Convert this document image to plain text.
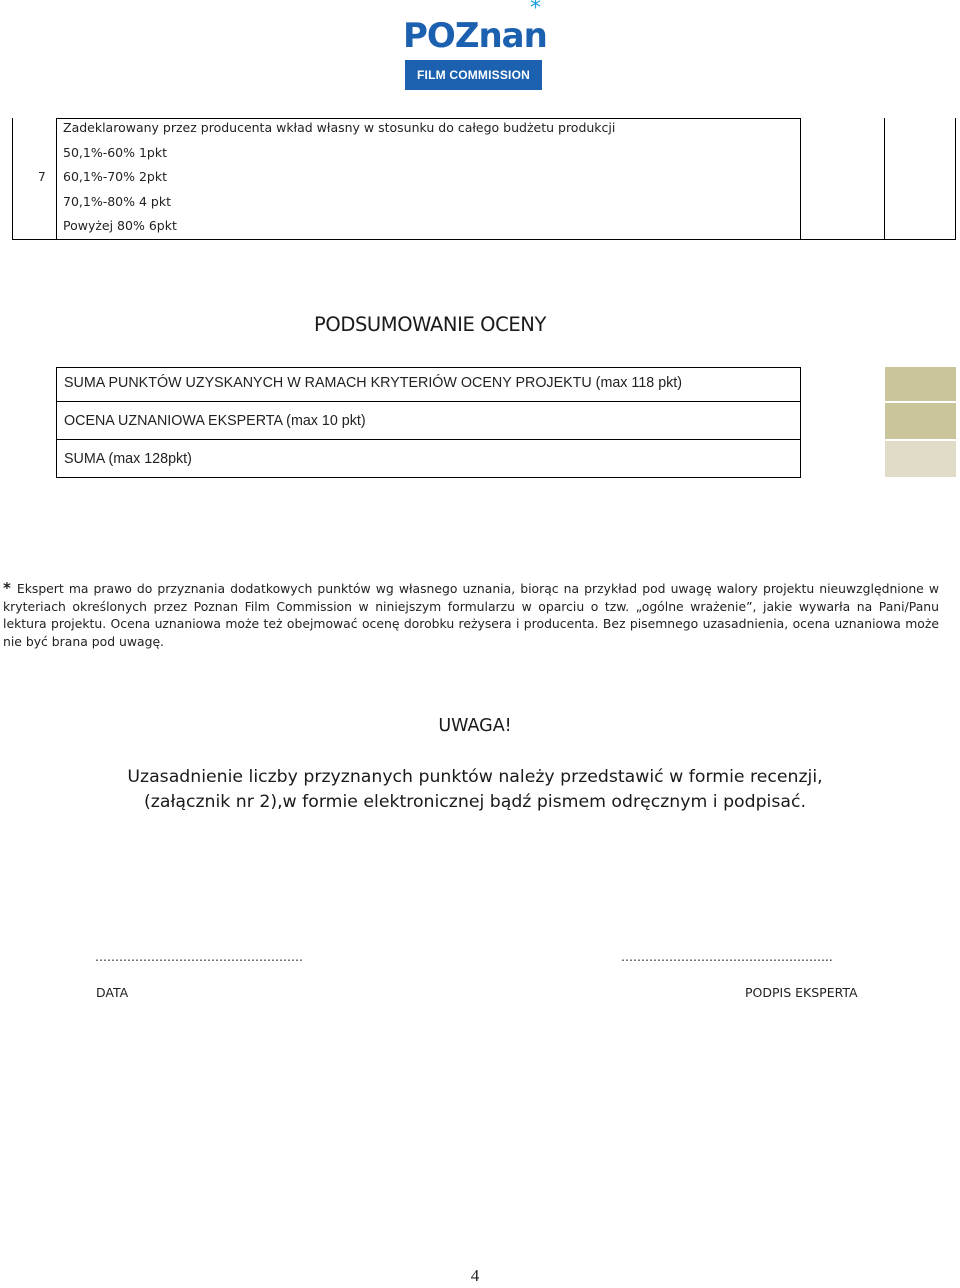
POZnan
*
FILM COMMISSION
7
Zadeklarowany przez producenta wkład własny w stosunku do całego budżetu produkcji
50,1%-60% 1pkt
60,1%-70% 2pkt
70,1%-80% 4 pkt
Powyżej 80% 6pkt
PODSUMOWANIE OCENY
SUMA PUNKTÓW UZYSKANYCH W RAMACH KRYTERIÓW OCENY PROJEKTU (max 118 pkt)
OCENA UZNANIOWA EKSPERTA (max 10 pkt)
SUMA (max 128pkt)
* Ekspert ma prawo do przyznania dodatkowych punktów wg własnego uznania, biorąc na przykład pod uwagę walory projektu nieuwzględnione w kryteriach określonych przez Poznan Film Commission w niniejszym formularzu w oparciu o tzw. „ogólne wrażenie”, jakie wywarła na Pani/Panu lektura projektu. Ocena uznaniowa może też obejmować ocenę dorobku reżysera i producenta. Bez pisemnego uzasadnienia, ocena uznaniowa może nie być brana pod uwagę.
UWAGA!
Uzasadnienie liczby przyznanych punktów należy przedstawić w formie recenzji,
(załącznik nr 2),w formie elektronicznej bądź pismem odręcznym i podpisać.
…………………………………………….
DATA
……………………………………………..
PODPIS EKSPERTA
4
